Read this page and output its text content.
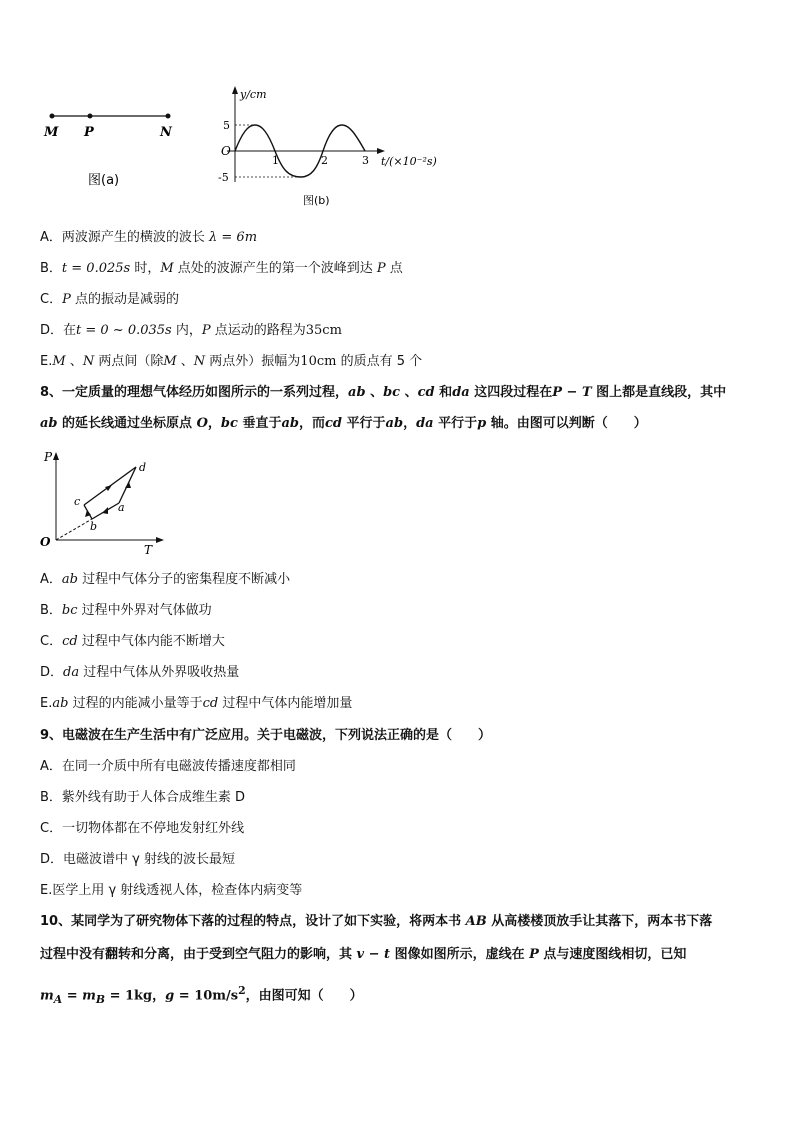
M P	N
图(a)
y/cm
O
5
-5
1	2	3 t/(×10⁻²s)
图(b)
A．两波源产生的横波的波长 λ = 6m
B．t = 0.025s 时，M 点处的波源产生的第一个波峰到达 P 点
C．P 点的振动是减弱的
D．在t = 0 ~ 0.035s 内，P 点运动的路程为35cm
E.M 、N 两点间（除M 、N 两点外）振幅为10cm 的质点有 5 个
8、一定质量的理想气体经历如图所示的一系列过程，ab 、bc 、cd 和da 这四段过程在P − T 图上都是直线段，其中
ab 的延长线通过坐标原点 O，bc 垂直于ab，而cd 平行于ab，da 平行于p 轴。由图可以判断（　　）
P
T
O
a
b
c
d
A．ab 过程中气体分子的密集程度不断减小
B．bc 过程中外界对气体做功
C．cd 过程中气体内能不断增大
D．da 过程中气体从外界吸收热量
E.ab 过程的内能减小量等于cd 过程中气体内能增加量
9、电磁波在生产生活中有广泛应用。关于电磁波，下列说法正确的是（　　）
A．在同一介质中所有电磁波传播速度都相同
B．紫外线有助于人体合成维生素 D
C．一切物体都在不停地发射红外线
D．电磁波谱中 γ 射线的波长最短
E.医学上用 γ 射线透视人体，检查体内病变等
10、某同学为了研究物体下落的过程的特点，设计了如下实验，将两本书 AB 从高楼楼顶放手让其落下，两本书下落
过程中没有翻转和分离，由于受到空气阻力的影响，其 v − t 图像如图所示，虚线在 P 点与速度图线相切，已知
$m_A = m_B = 1kg$，$g = 10m/s^2$，由图可知（　　）
